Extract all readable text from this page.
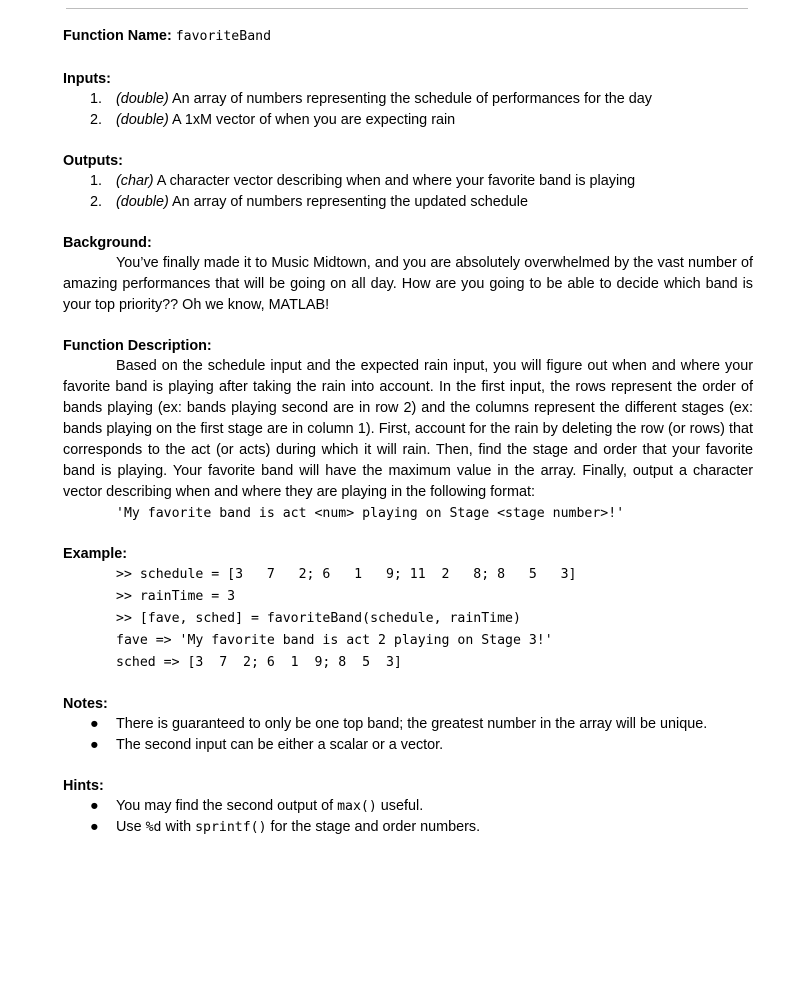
Function Name: favoriteBand

Inputs:

1. (double) An array of numbers representing the schedule of performances for the day
2. (double) A 1xM vector of when you are expecting rain

Outputs:

1. (char) A character vector describing when and where your favorite band is playing
2. (double) An array of numbers representing the updated schedule

Background:

You’ve finally made it to Music Midtown, and you are absolutely overwhelmed by the vast number of amazing performances that will be going on all day. How are you going to be able to decide which band is your top priority?? Oh we know, MATLAB!

Function Description:

Based on the schedule input and the expected rain input, you will figure out when and where your favorite band is playing after taking the rain into account. In the first input, the rows represent the order of bands playing (ex: bands playing second are in row 2) and the columns represent the different stages (ex: bands playing on the first stage are in column 1). First, account for the rain by deleting the row (or rows) that corresponds to the act (or acts) during which it will rain. Then, find the stage and order that your favorite band is playing. Your favorite band will have the maximum value in the array. Finally, output a character vector describing when and where they are playing in the following format:

'My favorite band is act <num> playing on Stage <stage number>!'

Example:

>> schedule = [3   7   2; 6   1   9; 11  2   8; 8   5   3]

>> rainTime = 3

>> [fave, sched] = favoriteBand(schedule, rainTime)

fave => 'My favorite band is act 2 playing on Stage 3!'

sched => [3  7  2; 6  1  9; 8  5  3]

Notes:

● There is guaranteed to only be one top band; the greatest number in the array will be unique.
● The second input can be either a scalar or a vector.

Hints:

● You may find the second output of max() useful.
● Use %d with sprintf() for the stage and order numbers.
